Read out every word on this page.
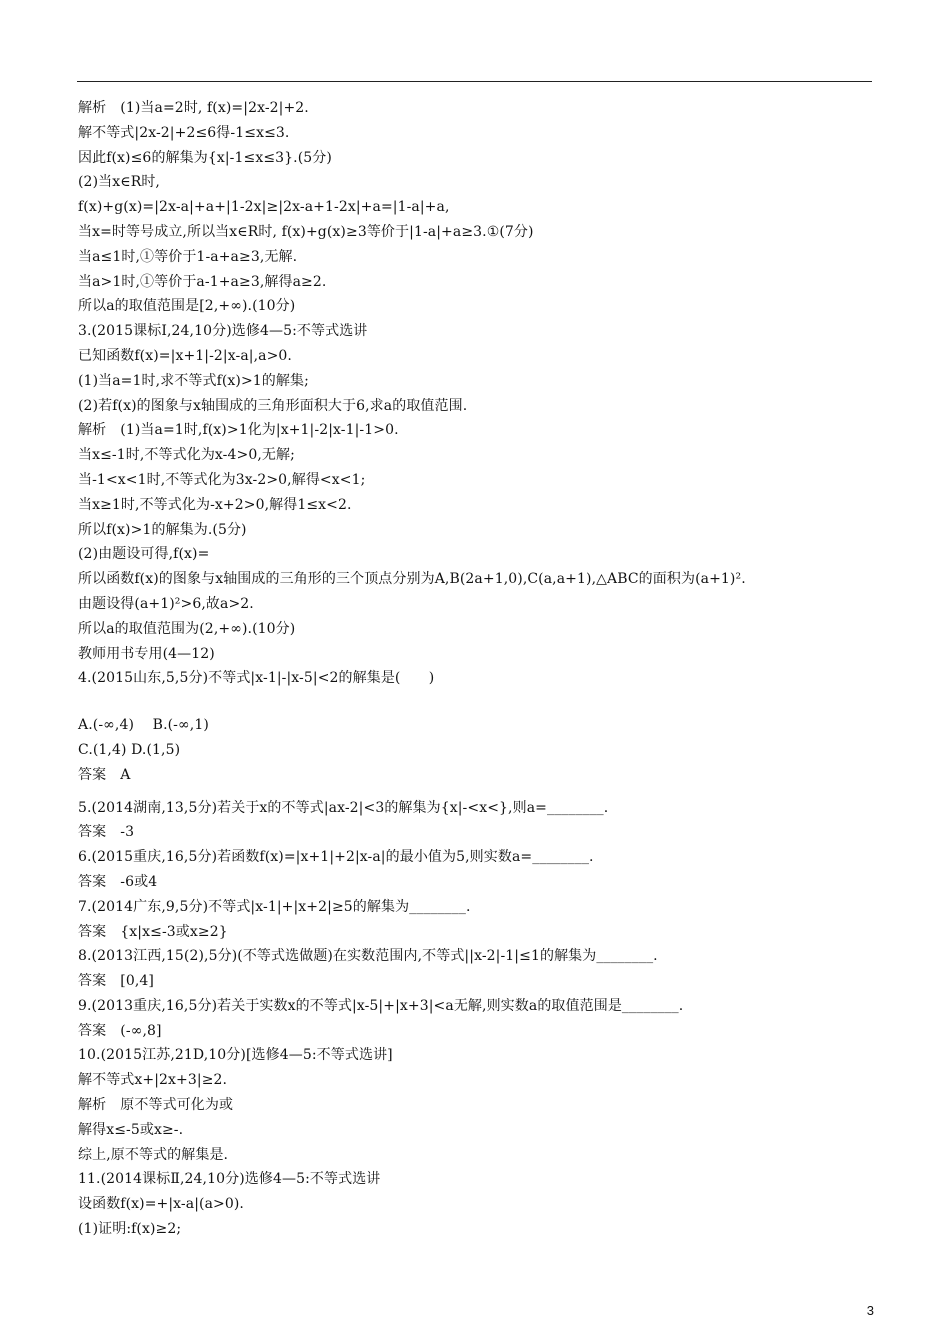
解析　(1)当a=2时, f(x)=|2x-2|+2.
解不等式|2x-2|+2≤6得-1≤x≤3.
因此f(x)≤6的解集为{x|-1≤x≤3}.(5分)
(2)当x∈R时,
f(x)+g(x)=|2x-a|+a+|1-2x|≥|2x-a+1-2x|+a=|1-a|+a,
当x=时等号成立,所以当x∈R时, f(x)+g(x)≥3等价于|1-a|+a≥3.①(7分)
当a≤1时,①等价于1-a+a≥3,无解.
当a>1时,①等价于a-1+a≥3,解得a≥2.
所以a的取值范围是[2,+∞).(10分)
3.(2015课标Ⅰ,24,10分)选修4—5:不等式选讲
已知函数f(x)=|x+1|-2|x-a|,a>0.
(1)当a=1时,求不等式f(x)>1的解集;
(2)若f(x)的图象与x轴围成的三角形面积大于6,求a的取值范围.
解析　(1)当a=1时,f(x)>1化为|x+1|-2|x-1|-1>0.
当x≤-1时,不等式化为x-4>0,无解;
当-1<x<1时,不等式化为3x-2>0,解得<x<1;
当x≥1时,不等式化为-x+2>0,解得1≤x<2.
所以f(x)>1的解集为.(5分)
(2)由题设可得,f(x)=
所以函数f(x)的图象与x轴围成的三角形的三个顶点分别为A,B(2a+1,0),C(a,a+1),△ABC的面积为(a+1)².
由题设得(a+1)²>6,故a>2.
所以a的取值范围为(2,+∞).(10分)
教师用书专用(4—12)
4.(2015山东,5,5分)不等式|x-1|-|x-5|<2的解集是(　　)
A.(-∞,4)　 B.(-∞,1)
C.(1,4) D.(1,5)
答案　A
5.(2014湖南,13,5分)若关于x的不等式|ax-2|<3的解集为{x|-<x<},则a=________.
答案　-3
6.(2015重庆,16,5分)若函数f(x)=|x+1|+2|x-a|的最小值为5,则实数a=________.
答案　-6或4
7.(2014广东,9,5分)不等式|x-1|+|x+2|≥5的解集为________.
答案　{x|x≤-3或x≥2}
8.(2013江西,15(2),5分)(不等式选做题)在实数范围内,不等式||x-2|-1|≤1的解集为________.
答案　[0,4]
9.(2013重庆,16,5分)若关于实数x的不等式|x-5|+|x+3|<a无解,则实数a的取值范围是________.
答案　(-∞,8]
10.(2015江苏,21D,10分)[选修4—5:不等式选讲]
解不等式x+|2x+3|≥2.
解析　原不等式可化为或
解得x≤-5或x≥-.
综上,原不等式的解集是.
11.(2014课标Ⅱ,24,10分)选修4—5:不等式选讲
设函数f(x)=+|x-a|(a>0).
(1)证明:f(x)≥2;
3
